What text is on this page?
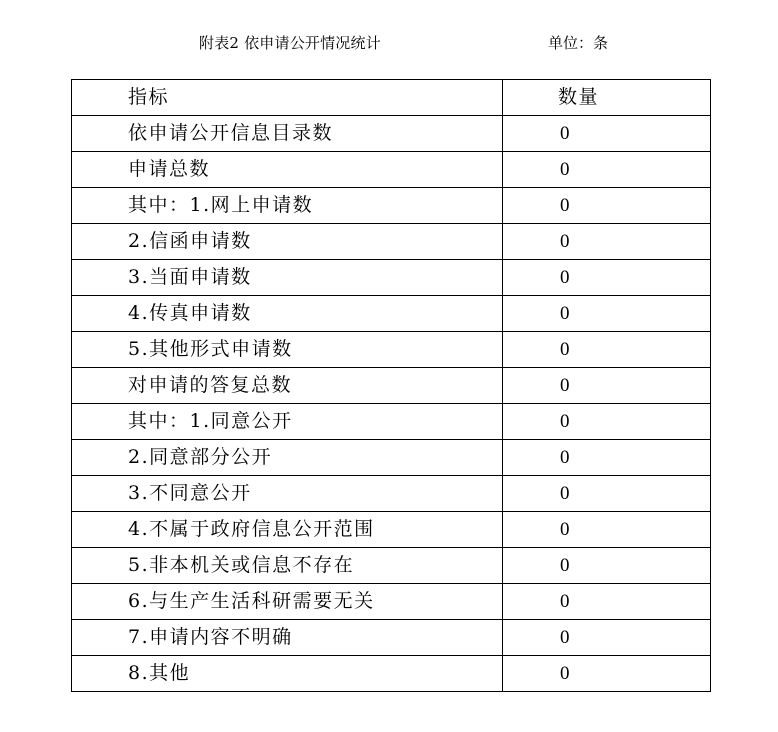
附表2 依申请公开情况统计	单位：条
指标	数量
依申请公开信息目录数	0
申请总数	0
其中：1.网上申请数	0
2.信函申请数	0
3.当面申请数	0
4.传真申请数	0
5.其他形式申请数	0
对申请的答复总数	0
其中：1.同意公开	0
2.同意部分公开	0
3.不同意公开	0
4.不属于政府信息公开范围	0
5.非本机关或信息不存在	0
6.与生产生活科研需要无关	0
7.申请内容不明确	0
8.其他	0
